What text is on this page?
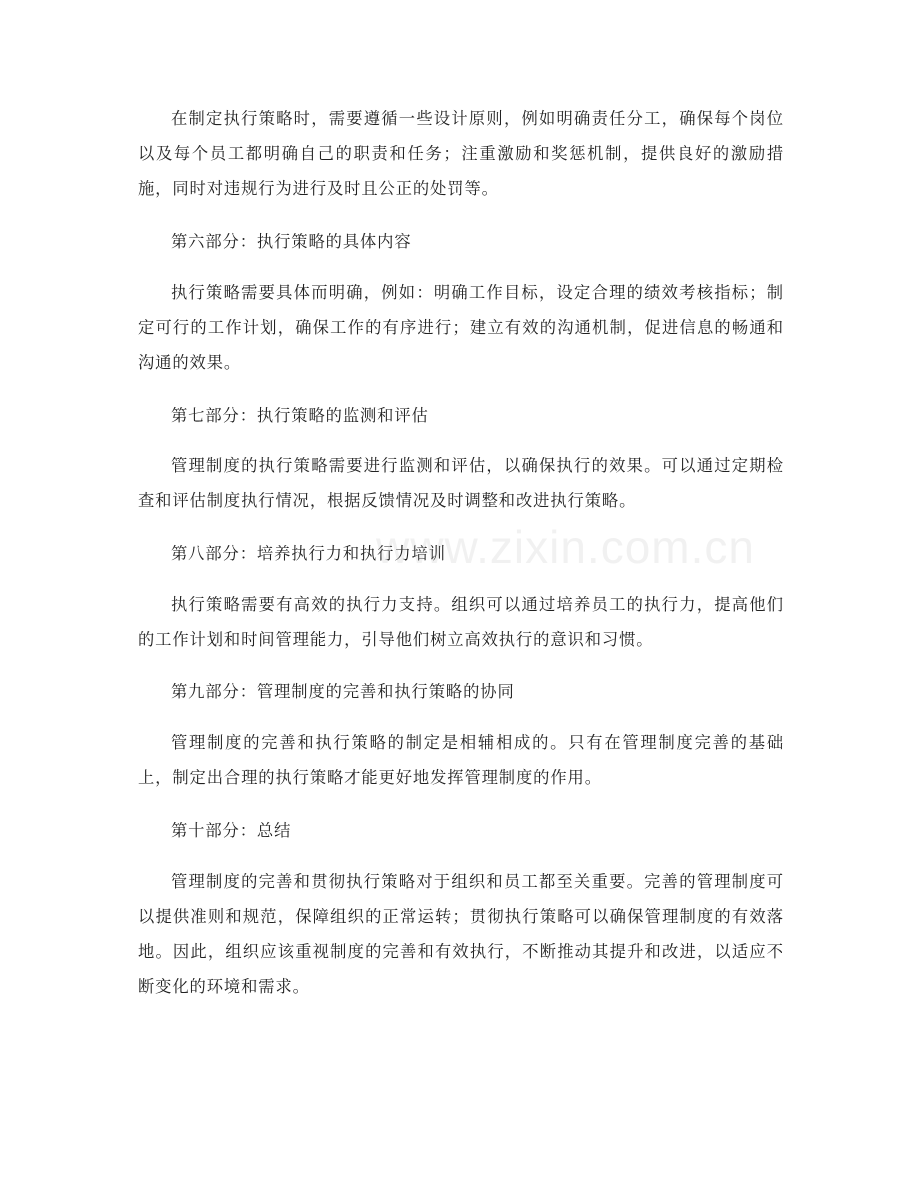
在制定执行策略时，需要遵循一些设计原则，例如明确责任分工，确保每个岗位以及每个员工都明确自己的职责和任务；注重激励和奖惩机制，提供良好的激励措施，同时对违规行为进行及时且公正的处罚等。

第六部分：执行策略的具体内容

执行策略需要具体而明确，例如：明确工作目标，设定合理的绩效考核指标；制定可行的工作计划，确保工作的有序进行；建立有效的沟通机制，促进信息的畅通和沟通的效果。

第七部分：执行策略的监测和评估

管理制度的执行策略需要进行监测和评估，以确保执行的效果。可以通过定期检查和评估制度执行情况，根据反馈情况及时调整和改进执行策略。

第八部分：培养执行力和执行力培训

执行策略需要有高效的执行力支持。组织可以通过培养员工的执行力，提高他们的工作计划和时间管理能力，引导他们树立高效执行的意识和习惯。

第九部分：管理制度的完善和执行策略的协同

管理制度的完善和执行策略的制定是相辅相成的。只有在管理制度完善的基础上，制定出合理的执行策略才能更好地发挥管理制度的作用。

第十部分：总结

管理制度的完善和贯彻执行策略对于组织和员工都至关重要。完善的管理制度可以提供准则和规范，保障组织的正常运转；贯彻执行策略可以确保管理制度的有效落地。因此，组织应该重视制度的完善和有效执行，不断推动其提升和改进，以适应不断变化的环境和需求。

www.zixin.com.cn
